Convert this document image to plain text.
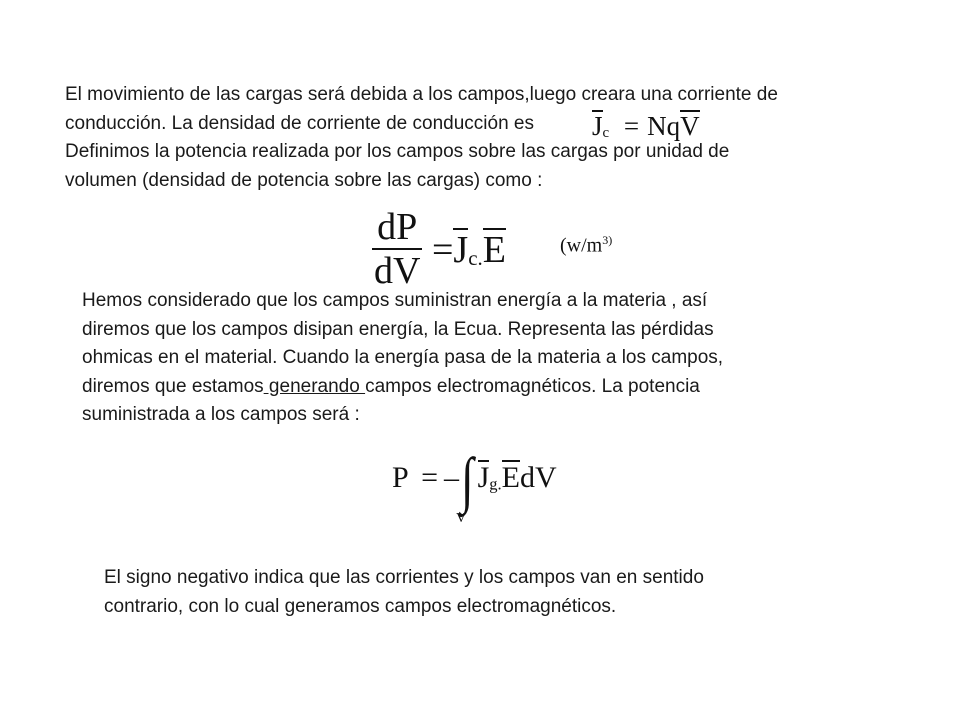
El movimiento de las cargas será debida a los campos,luego creara una corriente de
conducción. La densidad de corriente de conducción es
Definimos la potencia realizada por los campos sobre las cargas por unidad de
volumen (densidad de potencia sobre las cargas) como :
Jc = NqV
$\frac{dP}{dV} =Jc.E$	($w/m^{3)}$
Hemos considerado que los campos suministran energía a la materia , así
diremos que los campos disipan energía, la Ecua. Representa las pérdidas
ohmicas en el material. Cuando la energía pasa de la materia a los campos,
diremos que estamos generando campos electromagnéticos. La potencia
suministrada a los campos será :
P = –∫ Jg.EdV
V
El signo negativo indica que las corrientes y los campos van en sentido
contrario, con lo cual generamos campos electromagnéticos.
